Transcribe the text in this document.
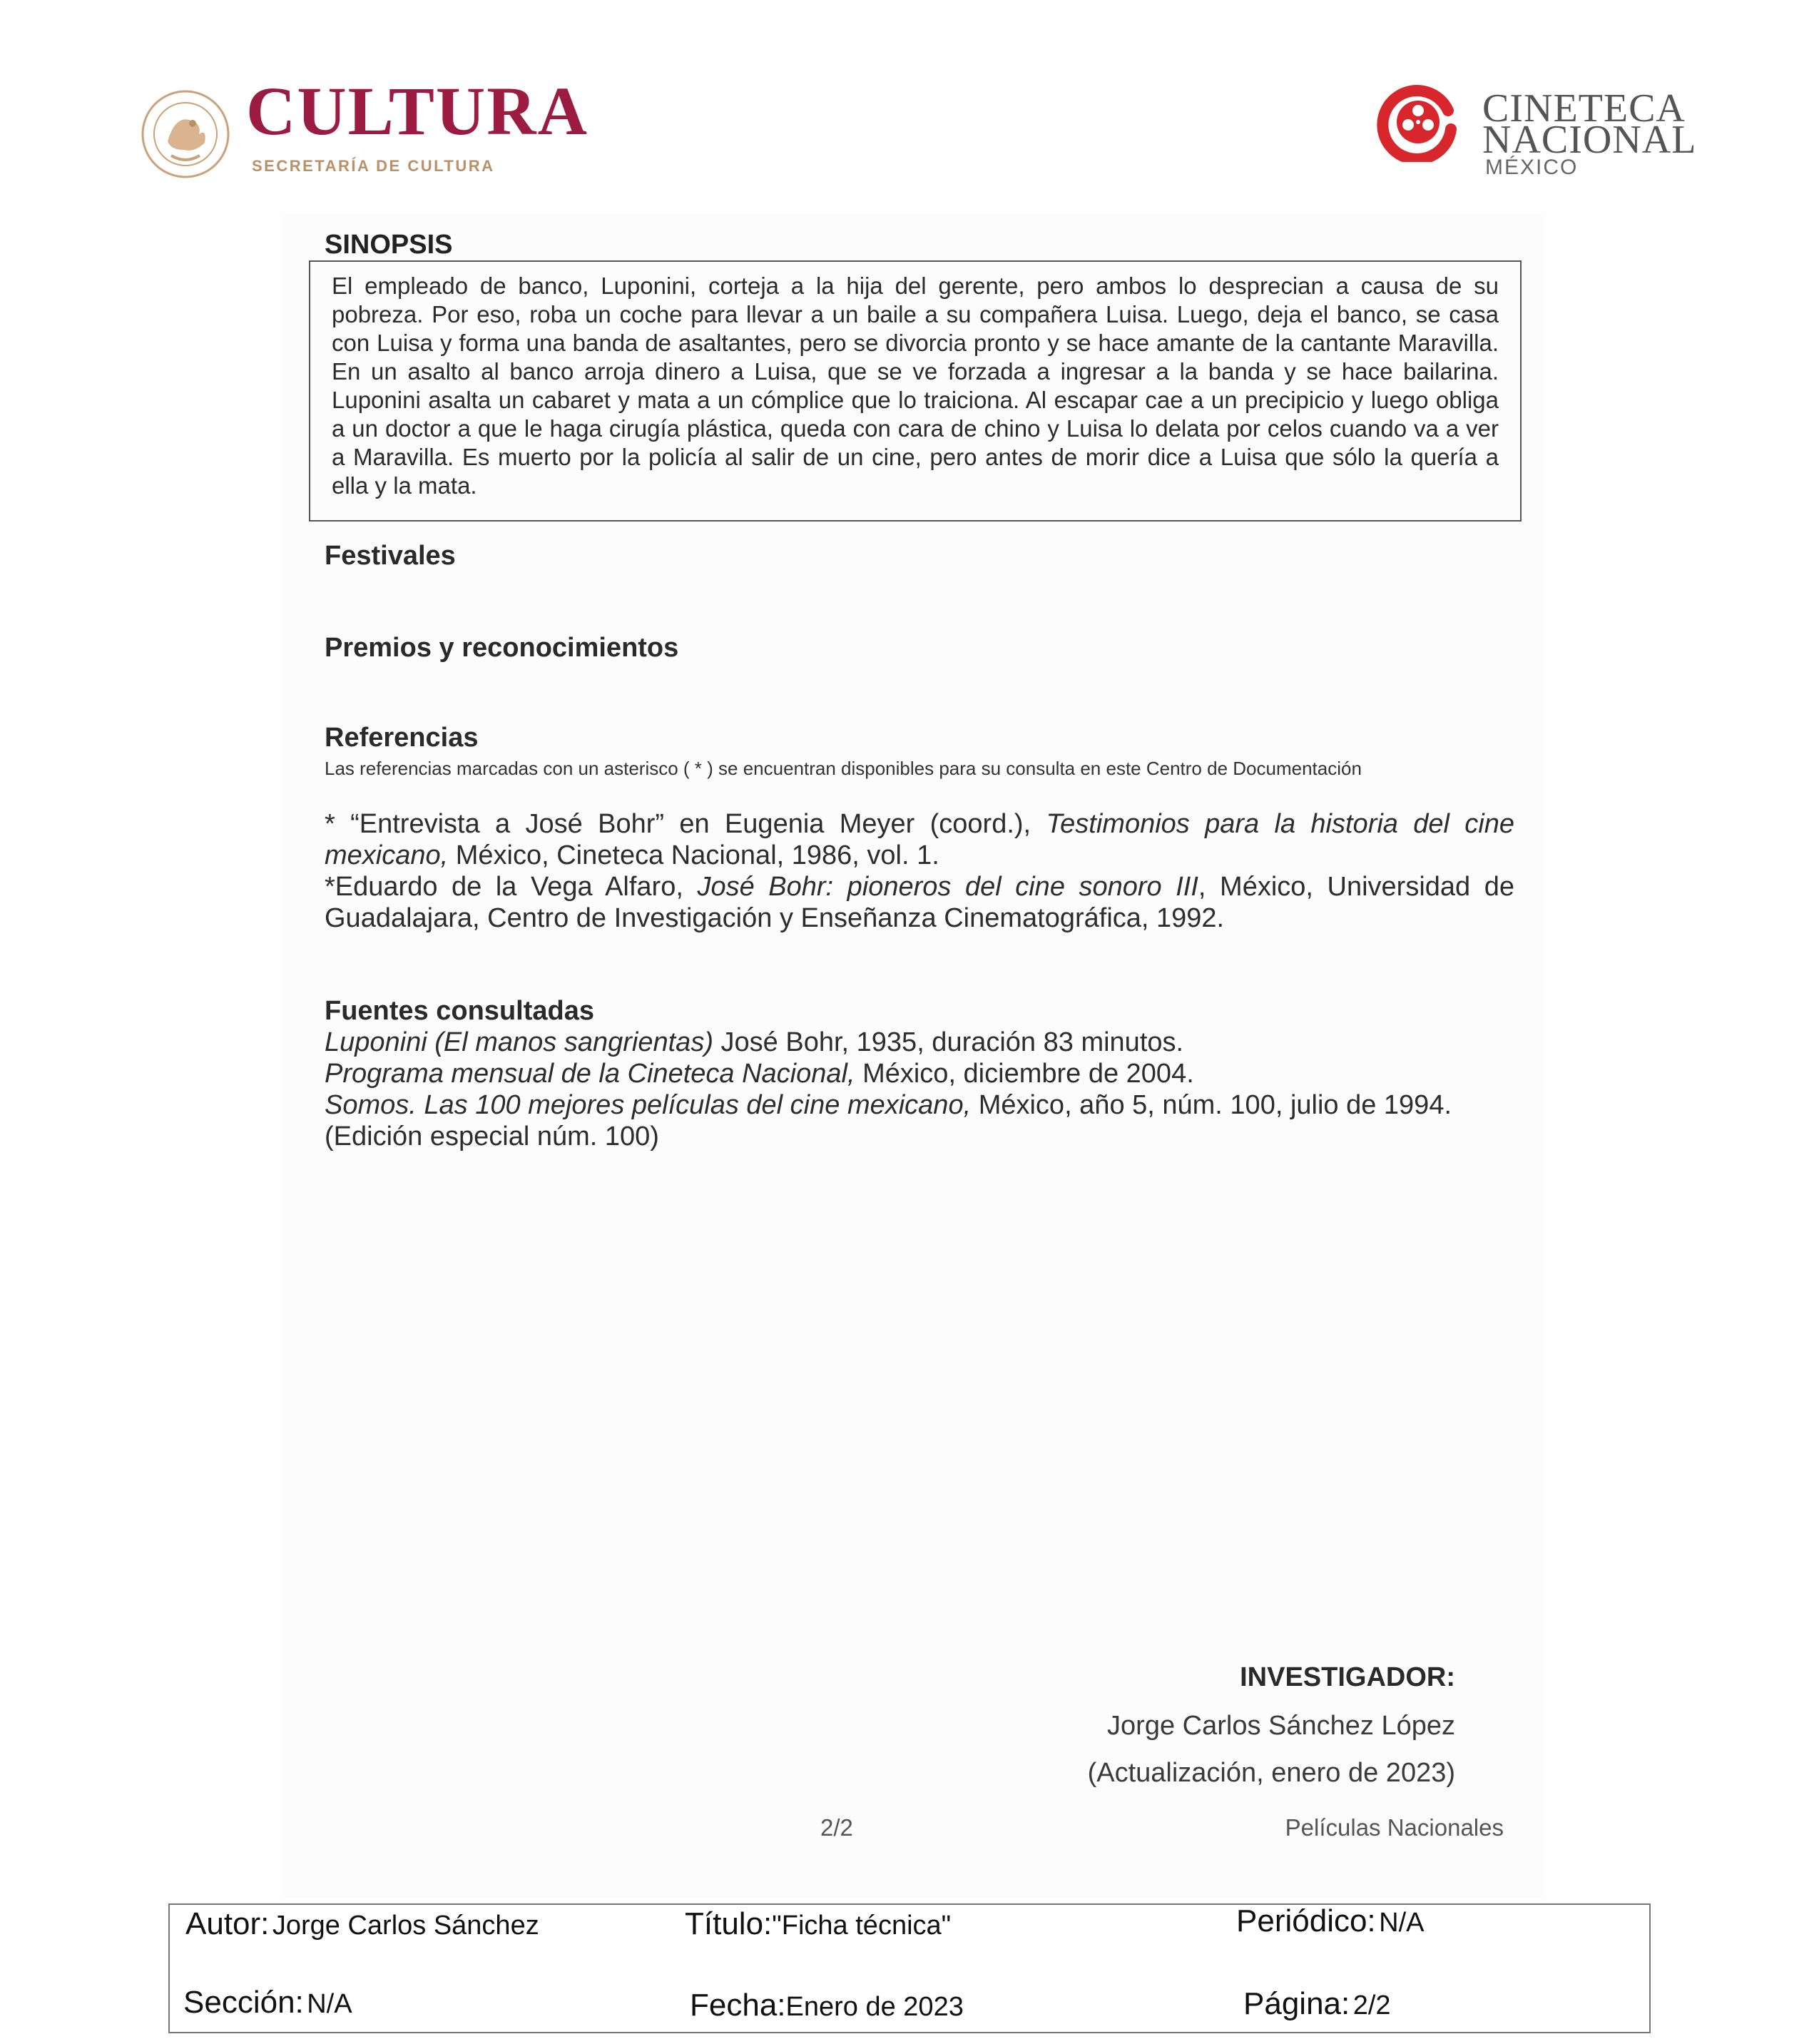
CULTURA
SECRETARÍA DE CULTURA
CINETECA
NACIONAL
MÉXICO
SINOPSIS

El empleado de banco, Luponini, corteja a la hija del gerente, pero ambos lo desprecian a causa de su pobreza. Por eso, roba un coche para llevar a un baile a su compañera Luisa. Luego, deja el banco, se casa con Luisa y forma una banda de asaltantes, pero se divorcia pronto y se hace amante de la cantante Maravilla. En un asalto al banco arroja dinero a Luisa, que se ve forzada a ingresar a la banda y se hace bailarina. Luponini asalta un cabaret y mata a un cómplice que lo traiciona. Al escapar cae a un precipicio y luego obliga a un doctor a que le haga cirugía plástica, queda con cara de chino y Luisa lo delata por celos cuando va a ver a Maravilla. Es muerto por la policía al salir de un cine, pero antes de morir dice a Luisa que sólo la quería a ella y la mata.

Festivales
Premios y reconocimientos
Referencias
Las referencias marcadas con un asterisco ( * ) se encuentran disponibles para su consulta en este Centro de Documentación

* “Entrevista a José Bohr” en Eugenia Meyer (coord.), Testimonios para la historia del cine mexicano, México, Cineteca Nacional, 1986, vol. 1.

*Eduardo de la Vega Alfaro, José Bohr: pioneros del cine sonoro III, México, Universidad de Guadalajara, Centro de Investigación y Enseñanza Cinematográfica, 1992.

Fuentes consultadas

Luponini (El manos sangrientas) José Bohr, 1935, duración 83 minutos.

Programa mensual de la Cineteca Nacional, México, diciembre de 2004.

Somos. Las 100 mejores películas del cine mexicano, México, año 5, núm. 100, julio de 1994.

(Edición especial núm. 100)

INVESTIGADOR:
Jorge Carlos Sánchez López
(Actualización, enero de 2023)
2/2	Películas Nacionales
Autor: Jorge Carlos Sánchez	Título:"Ficha técnica"	Periódico: N/A
Sección: N/A	Fecha:Enero de 2023	Página: 2/2
